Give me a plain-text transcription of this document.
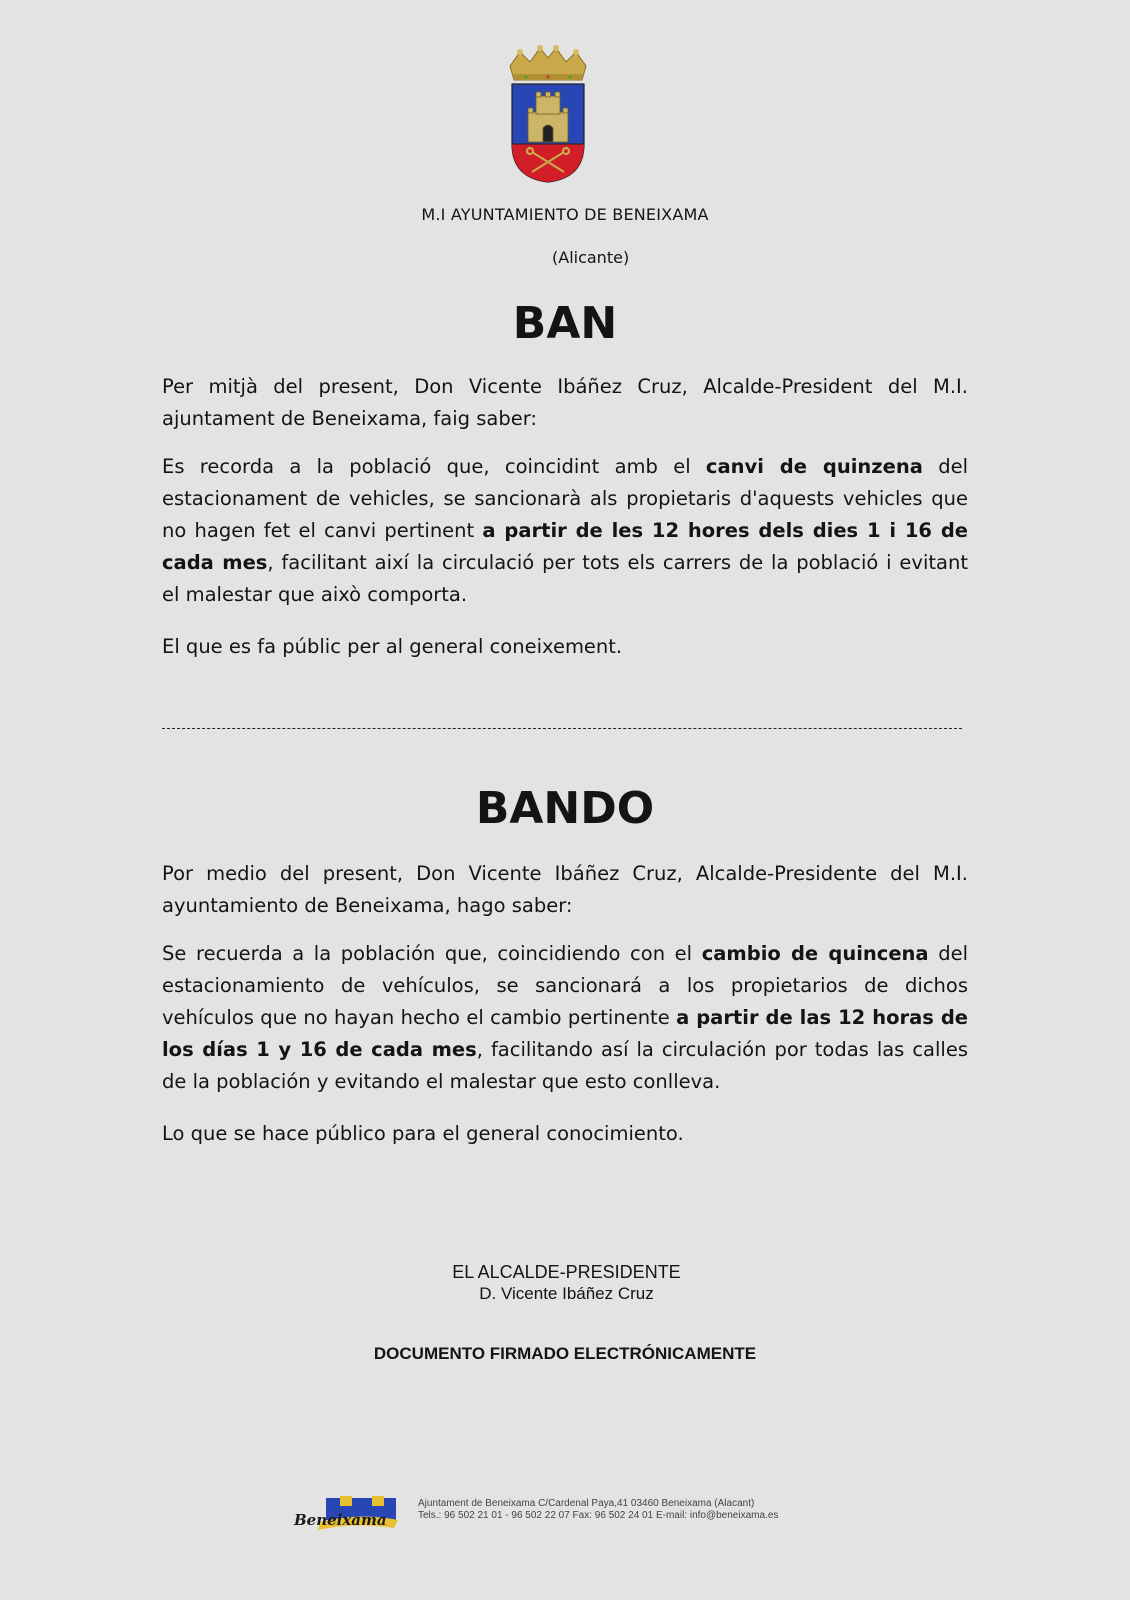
M.I AYUNTAMIENTO DE BENEIXAMA
(Alicante)
BAN

Per mitjà del present, Don Vicente Ibáñez Cruz, Alcalde-President del M.I. ajuntament de Beneixama, faig saber:

Es recorda a la població que, coincidint amb el canvi de quinzena del estacionament de vehicles, se sancionarà als propietaris d'aquests vehicles que no hagen fet el canvi pertinent a partir de les 12 hores dels dies 1 i 16 de cada mes, facilitant així la circulació per tots els carrers de la població i evitant el malestar que això comporta.

El que es fa públic per al general coneixement.

BANDO

Por medio del present, Don Vicente Ibáñez Cruz, Alcalde-Presidente del M.I. ayuntamiento de Beneixama, hago saber:

Se recuerda a la población que, coincidiendo con el cambio de quincena del estacionamiento de vehículos, se sancionará a los propietarios de dichos vehículos que no hayan hecho el cambio pertinente a partir de las 12 horas de los días 1 y 16 de cada mes, facilitando así la circulación por todas las calles de la población y evitando el malestar que esto conlleva.

Lo que se hace público para el general conocimiento.

EL ALCALDE-PRESIDENTE
D. Vicente Ibáñez Cruz
DOCUMENTO FIRMADO ELECTRÓNICAMENTE
Beneixama
Ajuntament de Beneixama C/Cardenal Paya,41 03460 Beneixama (Alacant)
Tels.: 96 502 21 01 - 96 502 22 07 Fax: 96 502 24 01 E-mail: info@beneixama.es
